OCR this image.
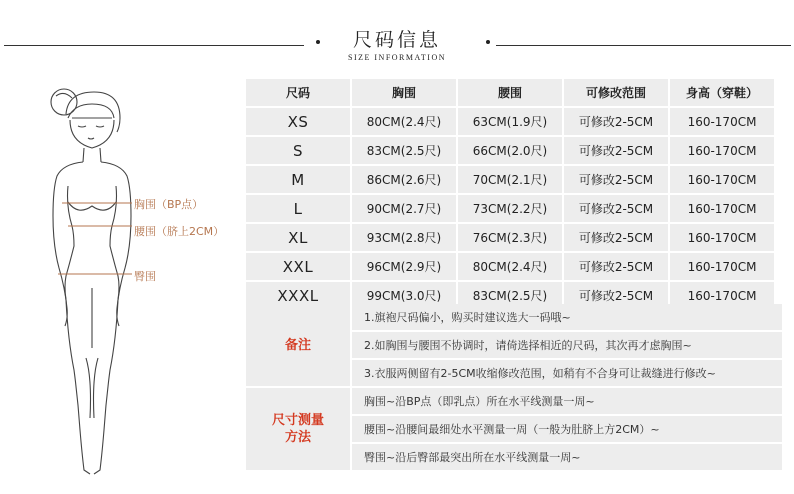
尺码信息
SIZE INFORMATION
胸围（BP点）
腰围（脐上2CM）
臀围
尺码	胸围	腰围	可修改范围	身高（穿鞋）
XS	80CM(2.4尺)	63CM(1.9尺)	可修改2-5CM	160-170CM
S	83CM(2.5尺)	66CM(2.0尺)	可修改2-5CM	160-170CM
M	86CM(2.6尺)	70CM(2.1尺)	可修改2-5CM	160-170CM
L	90CM(2.7尺)	73CM(2.2尺)	可修改2-5CM	160-170CM
XL	93CM(2.8尺)	76CM(2.3尺)	可修改2-5CM	160-170CM
XXL	96CM(2.9尺)	80CM(2.4尺)	可修改2-5CM	160-170CM
XXXL	99CM(3.0尺)	83CM(2.5尺)	可修改2-5CM	160-170CM
备注
1.旗袍尺码偏小，购买时建议选大一码哦~
2.如胸围与腰围不协调时，请倚选择相近的尺码，其次再才虑胸围~
3.衣服两侧留有2-5CM收缩修改范围，如稍有不合身可让裁缝进行修改~
尺寸测量方法
胸围~沿BP点（即乳点）所在水平线测量一周~
腰围~沿腰间最细处水平测量一周（一般为肚脐上方2CM）~
臀围~沿后臀部最突出所在水平线测量一周~
